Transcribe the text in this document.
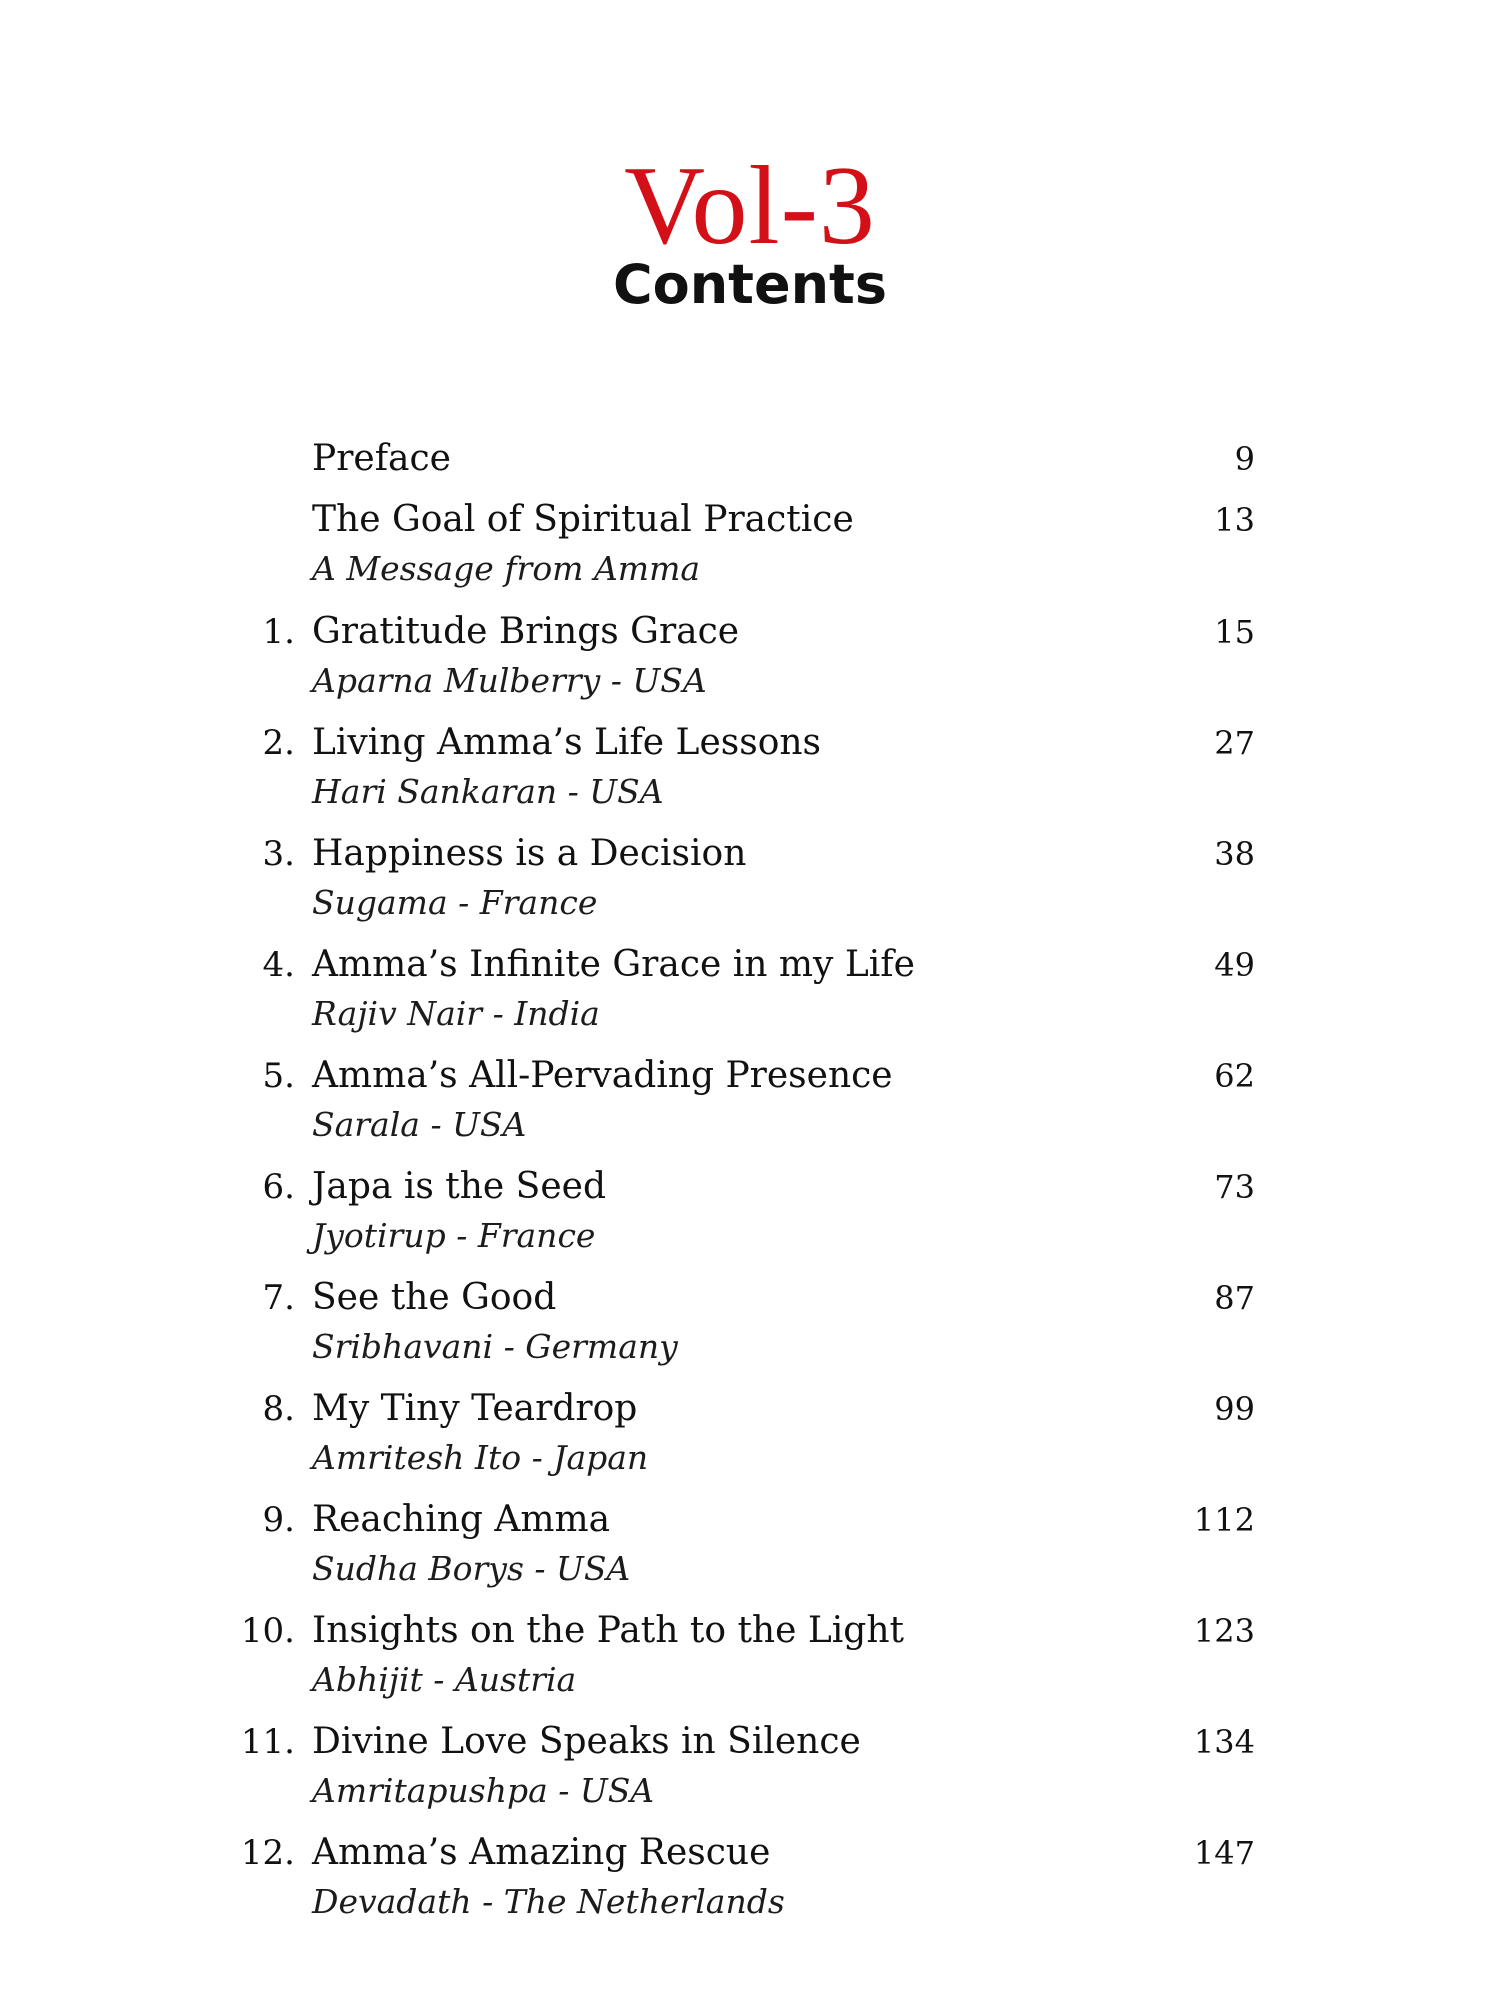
Vol-3
Contents
Preface	9
The Goal of Spiritual Practice
A Message from Amma
13
1. Gratitude Brings Grace
Aparna Mulberry - USA
15
2. Living Amma’s Life Lessons
Hari Sankaran - USA
27
3. Happiness is a Decision
Sugama - France
38
4. Amma’s Infinite Grace in my Life
Rajiv Nair - India
49
5. Amma’s All-Pervading Presence
Sarala - USA
62
6. Japa is the Seed
Jyotirup - France
73
7. See the Good
Sribhavani - Germany
87
8. My Tiny Teardrop
Amritesh Ito - Japan
99
9. Reaching Amma
Sudha Borys - USA
112
10. Insights on the Path to the Light
Abhijit - Austria
123
11. Divine Love Speaks in Silence
Amritapushpa - USA
134
12. Amma’s Amazing Rescue
Devadath - The Netherlands
147
